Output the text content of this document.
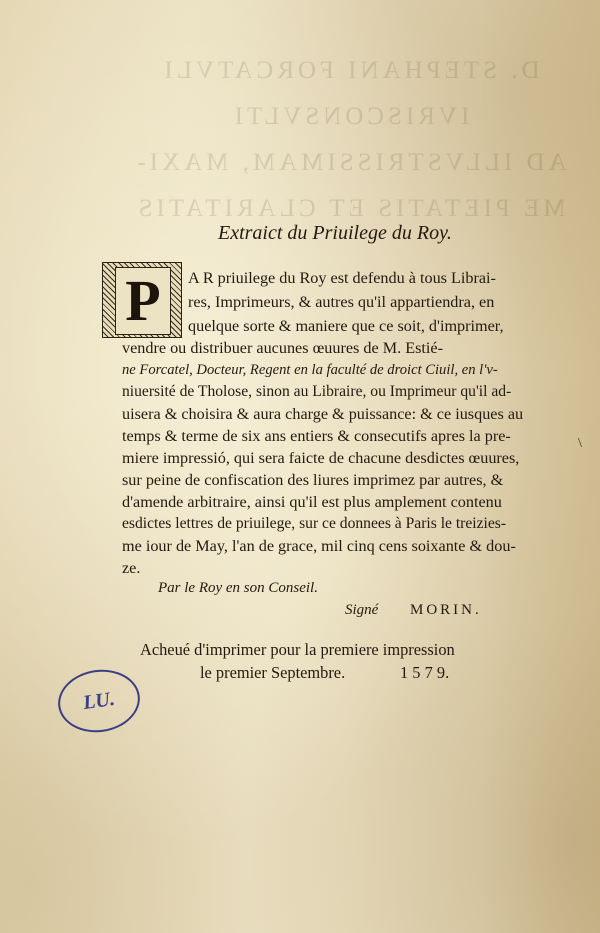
D. STEPHANI FORCATVLI
IVRISCONSVLTI
AD ILLVSTRISSIMAM, MAXI-
ME PIETATIS ET CLARITATIS
Extraict du Priuilege du Roy.
P	A R priuilege du Roy est defendu à tous Librai-
res, Imprimeurs, & autres qu'il appartiendra, en
quelque sorte & maniere que ce soit, d'imprimer,
vendre ou distribuer aucunes œuures de M. Estié-
ne Forcatel, Docteur, Regent en la faculté de droict Ciuil, en l'v-
niuersité de Tholose, sinon au Libraire, ou Imprimeur qu'il ad-
uisera & choisira & aura charge & puissance: & ce iusques au
temps & terme de six ans entiers & consecutifs apres la pre-
miere impressió, qui sera faicte de chacune desdictes œuures,
sur peine de confiscation des liures imprimez par autres, &
d'amende arbitraire, ainsi qu'il est plus amplement contenu
esdictes lettres de priuilege, sur ce donnees à Paris le treizies-
me iour de May, l'an de grace, mil cinq cens soixante & dou-
ze.
Par le Roy en son Conseil.
Signé MORIN.
Acheué d'imprimer pour la premiere impression
le premier Septembre.	1 5 7 9.
LU.
\
